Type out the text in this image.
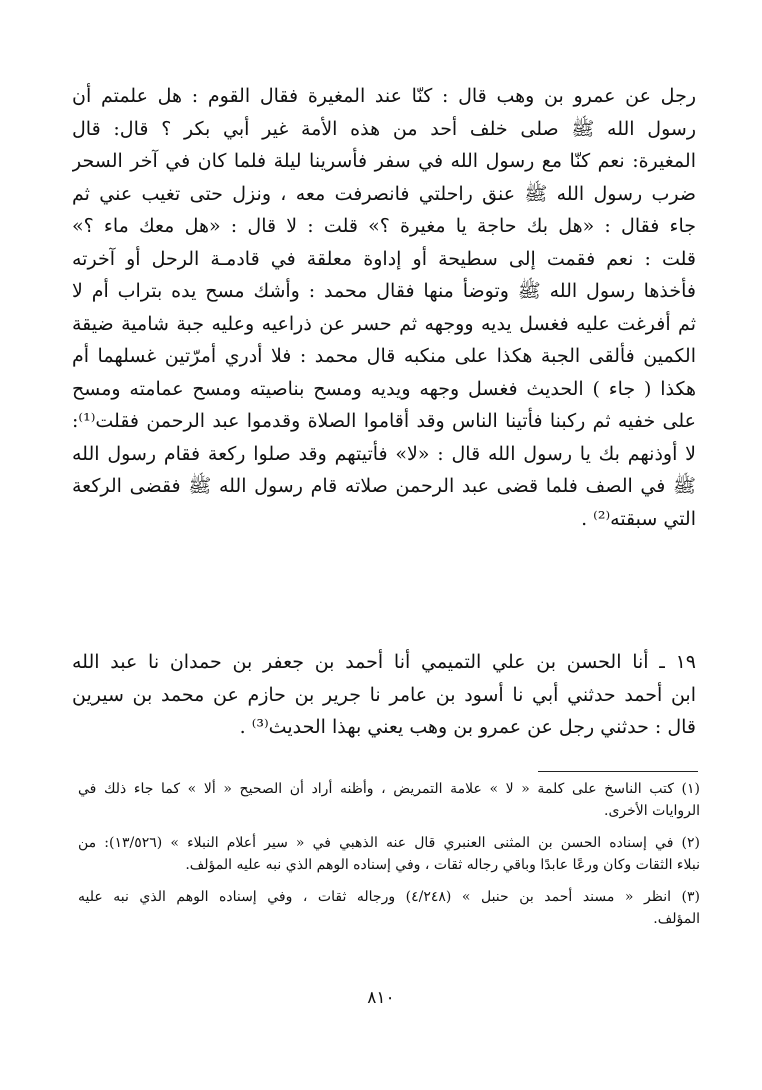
رجل عن عمرو بن وهب قال : كنّا عند المغيرة فقال القوم : هل علمتم أن
رسول الله ﷺ صلى خلف أحد من هذه الأمة غير أبي بكر ؟ قال: قال
المغيرة: نعم كنّا مع رسول الله في سفر فأسرينا ليلة فلما كان في آخر السحر
ضرب رسول الله ﷺ عنق راحلتي فانصرفت معه ، ونزل حتى تغيب عني ثم
جاء فقال : «هل بك حاجة يا مغيرة ؟» قلت : لا قال : «هل معك ماء ؟»
قلت : نعم فقمت إلى سطيحة أو إداوة معلقة في قادمـة الرحل أو آخرته
فأخذها رسول الله ﷺ وتوضأ منها فقال محمد : وأشك مسح يده بتراب أم لا
ثم أفرغت عليه فغسل يديه ووجهه ثم حسر عن ذراعيه وعليه جبة شامية ضيقة
الكمين فألقى الجبة هكذا على منكبه قال محمد : فلا أدري أمرّتين غسلهما أم
هكذا ( جاء ) الحديث فغسل وجهه ويديه ومسح بناصيته ومسح عمامته ومسح
على خفيه ثم ركبنا فأتينا الناس وقد أقاموا الصلاة وقدموا عبد الرحمن فقلت⁽¹⁾:
لا أوذنهم بك يا رسول الله قال : «لا» فأتيتهم وقد صلوا ركعة فقام رسول الله
ﷺ في الصف فلما قضى عبد الرحمن صلاته قام رسول الله ﷺ فقضى الركعة
التي سبقته⁽²⁾ .
١٩ ـ أنا الحسن بن علي التميمي أنا أحمد بن جعفر بن حمدان نا عبد الله
ابن أحمد حدثني أبي نا أسود بن عامر نا جرير بن حازم عن محمد بن سيرين
قال : حدثني رجل عن عمرو بن وهب يعني بهذا الحديث⁽³⁾ .
(١) كتب الناسخ على كلمة « لا » علامة التمريض ، وأظنه أراد أن الصحيح « ألا » كما جاء ذلك في
الروايات الأخرى.
(٢) في إسناده الحسن بن المثنى العنبري قال عنه الذهبي في « سير أعلام النبلاء » (١٣/٥٢٦): من
نبلاء الثقات وكان ورعًا عابدًا وباقي رجاله ثقات ، وفي إسناده الوهم الذي نبه عليه المؤلف.
(٣) انظر « مسند أحمد بن حنبل » (٤/٢٤٨) ورجاله ثقات ، وفي إسناده الوهم الذي نبه عليه
المؤلف.
٨١٠
